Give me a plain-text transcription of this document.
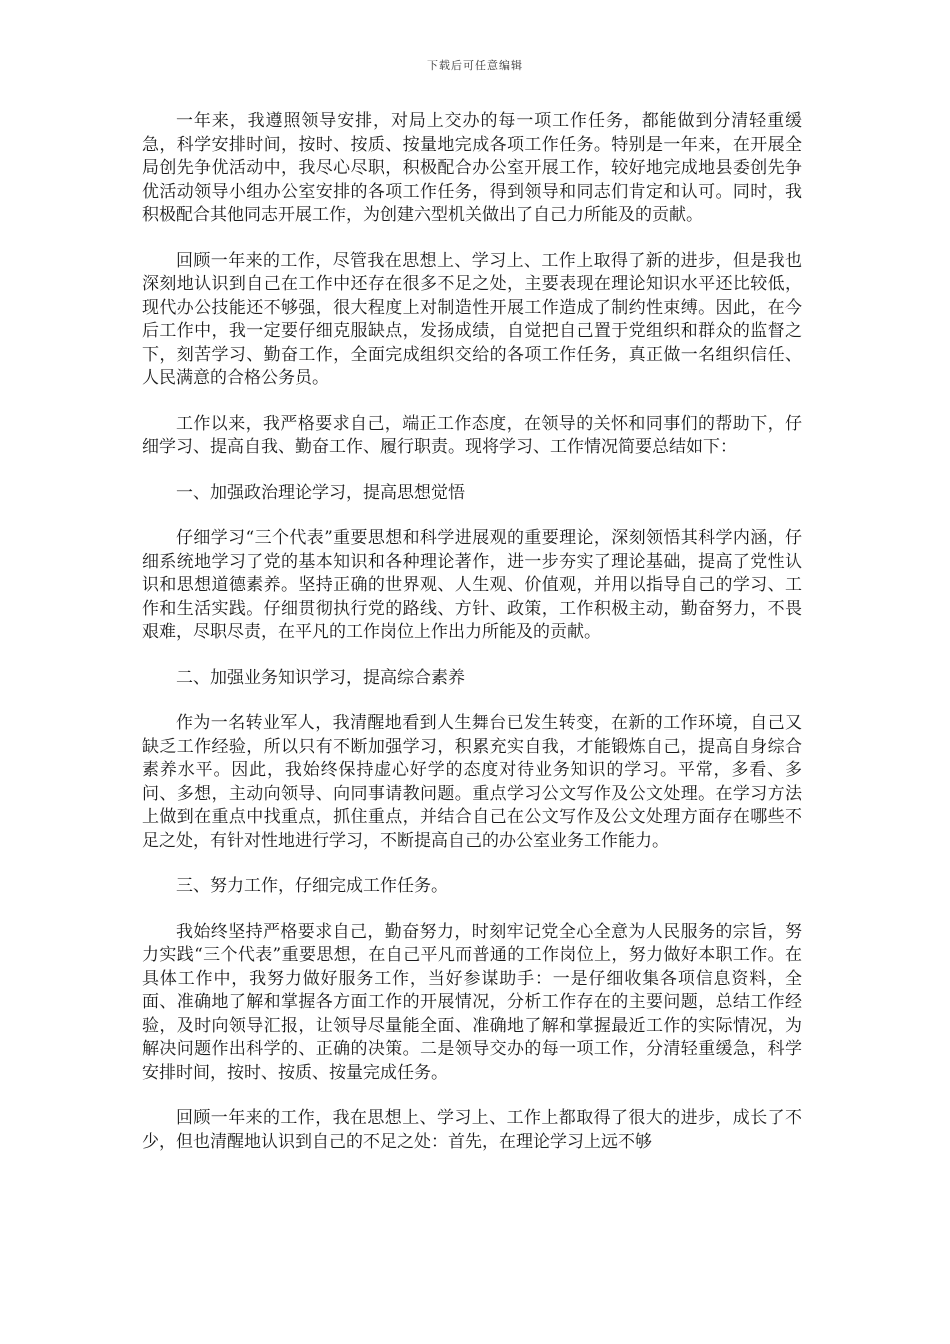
下载后可任意编辑

一年来，我遵照领导安排，对局上交办的每一项工作任务，都能做到分清轻重缓急，科学安排时间，按时、按质、按量地完成各项工作任务。特别是一年来，在开展全局创先争优活动中，我尽心尽职，积极配合办公室开展工作，较好地完成地县委创先争优活动领导小组办公室安排的各项工作任务，得到领导和同志们肯定和认可。同时，我积极配合其他同志开展工作，为创建六型机关做出了自己力所能及的贡献。

回顾一年来的工作，尽管我在思想上、学习上、工作上取得了新的进步，但是我也深刻地认识到自己在工作中还存在很多不足之处，主要表现在理论知识水平还比较低，现代办公技能还不够强，很大程度上对制造性开展工作造成了制约性束缚。因此，在今后工作中，我一定要仔细克服缺点，发扬成绩，自觉把自己置于党组织和群众的监督之下，刻苦学习、勤奋工作，全面完成组织交给的各项工作任务，真正做一名组织信任、人民满意的合格公务员。

工作以来，我严格要求自己，端正工作态度，在领导的关怀和同事们的帮助下，仔细学习、提高自我、勤奋工作、履行职责。现将学习、工作情况简要总结如下：

一、加强政治理论学习，提高思想觉悟

仔细学习“三个代表”重要思想和科学进展观的重要理论，深刻领悟其科学内涵，仔细系统地学习了党的基本知识和各种理论著作，进一步夯实了理论基础，提高了党性认识和思想道德素养。坚持正确的世界观、人生观、价值观，并用以指导自己的学习、工作和生活实践。仔细贯彻执行党的路线、方针、政策，工作积极主动，勤奋努力，不畏艰难，尽职尽责，在平凡的工作岗位上作出力所能及的贡献。

二、加强业务知识学习，提高综合素养

作为一名转业军人，我清醒地看到人生舞台已发生转变，在新的工作环境，自己又缺乏工作经验，所以只有不断加强学习，积累充实自我，才能锻炼自己，提高自身综合素养水平。因此，我始终保持虚心好学的态度对待业务知识的学习。平常，多看、多问、多想，主动向领导、向同事请教问题。重点学习公文写作及公文处理。在学习方法上做到在重点中找重点，抓住重点，并结合自己在公文写作及公文处理方面存在哪些不足之处，有针对性地进行学习，不断提高自己的办公室业务工作能力。

三、努力工作，仔细完成工作任务。

我始终坚持严格要求自己，勤奋努力，时刻牢记党全心全意为人民服务的宗旨，努力实践“三个代表”重要思想，在自己平凡而普通的工作岗位上，努力做好本职工作。在具体工作中，我努力做好服务工作，当好参谋助手：一是仔细收集各项信息资料，全面、准确地了解和掌握各方面工作的开展情况，分析工作存在的主要问题，总结工作经验，及时向领导汇报，让领导尽量能全面、准确地了解和掌握最近工作的实际情况，为解决问题作出科学的、正确的决策。二是领导交办的每一项工作，分清轻重缓急，科学安排时间，按时、按质、按量完成任务。

回顾一年来的工作，我在思想上、学习上、工作上都取得了很大的进步，成长了不少，但也清醒地认识到自己的不足之处：首先，在理论学习上远不够
